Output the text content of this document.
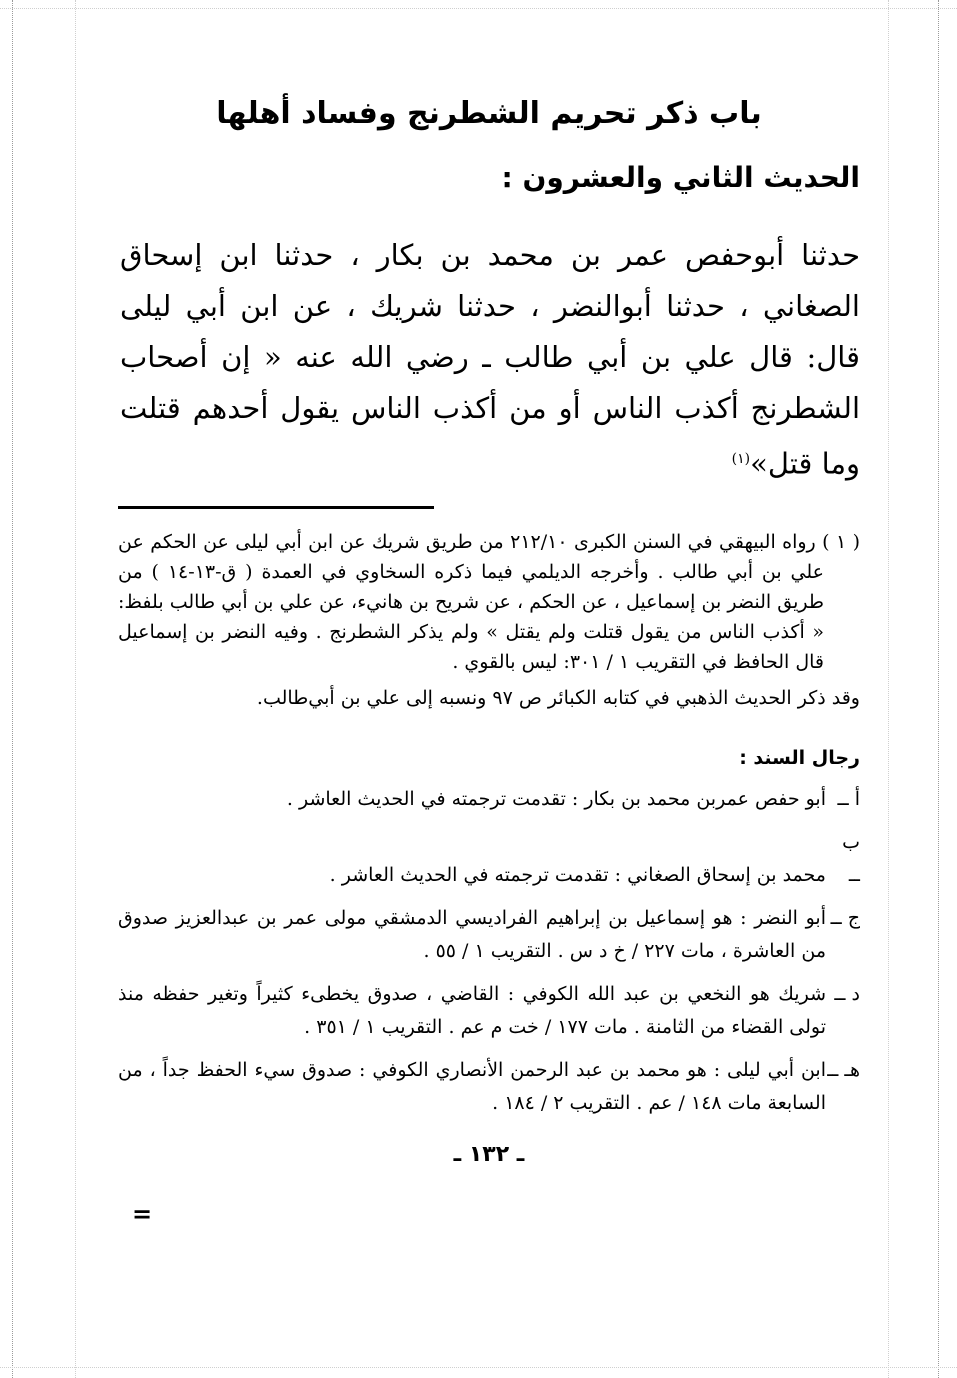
باب ذكر تحريم الشطرنج وفساد أهلها
الحديث الثاني والعشرون :
حدثنا أبوحفص عمر بن محمد بن بكار ، حدثنا ابن إسحاق الصغاني ، حدثنا أبوالنضر ، حدثنا شريك ، عن ابن أبي ليلى قال: قال علي بن أبي طالب ـ رضي الله عنه « إن أصحاب الشطرنج أكذب الناس أو من أكذب الناس يقول أحدهم قتلت وما قتل»$^{(١)}$
( ١ ) رواه البيهقي في السنن الكبرى ٢١٢/١٠ من طريق شريك عن ابن أبي ليلى عن الحكم عن علي بن أبي طالب . وأخرجه الديلمي فيما ذكره السخاوي في العمدة ( ق-١٣-١٤ ) من طريق النضر بن إسماعيل ، عن الحكم ، عن شريح بن هانيء، عن علي بن أبي طالب بلفظ: « أكذب الناس من يقول قتلت ولم يقتل » ولم يذكر الشطرنج . وفيه النضر بن إسماعيل قال الحافظ في التقريب ١ / ٣٠١: ليس بالقوي .
وقد ذكر الحديث الذهبي في كتابه الكبائر ص ٩٧ ونسبه إلى علي بن أبي‌طالب.
رجال السند :
أ ــأبو حفص عمربن محمد بن بكار : تقدمت ترجمته في الحديث العاشر .
ب ــمحمد بن إسحاق الصغاني : تقدمت ترجمته في الحديث العاشر .
ج ــأبو النضر : هو إسماعيل بن إبراهيم الفراديسي الدمشقي مولى عمر بن عبدالعزيز صدوق من العاشرة ، مات ٢٢٧ / خ د س . التقريب ١ / ٥٥ .
د ــشريك هو النخعي بن عبد الله الكوفي : القاضي ، صدوق يخطىء كثيراً وتغير حفظه منذ تولى القضاء من الثامنة . مات ١٧٧ / خت م عم . التقريب ١ / ٣٥١ .
هـ ــابن أبي ليلى : هو محمد بن عبد الرحمن الأنصاري الكوفي : صدوق سيء الحفظ جداً ، من السابعة مات ١٤٨ / عم . التقريب ٢ / ١٨٤ .
ـ ١٣٢ ـ
=
